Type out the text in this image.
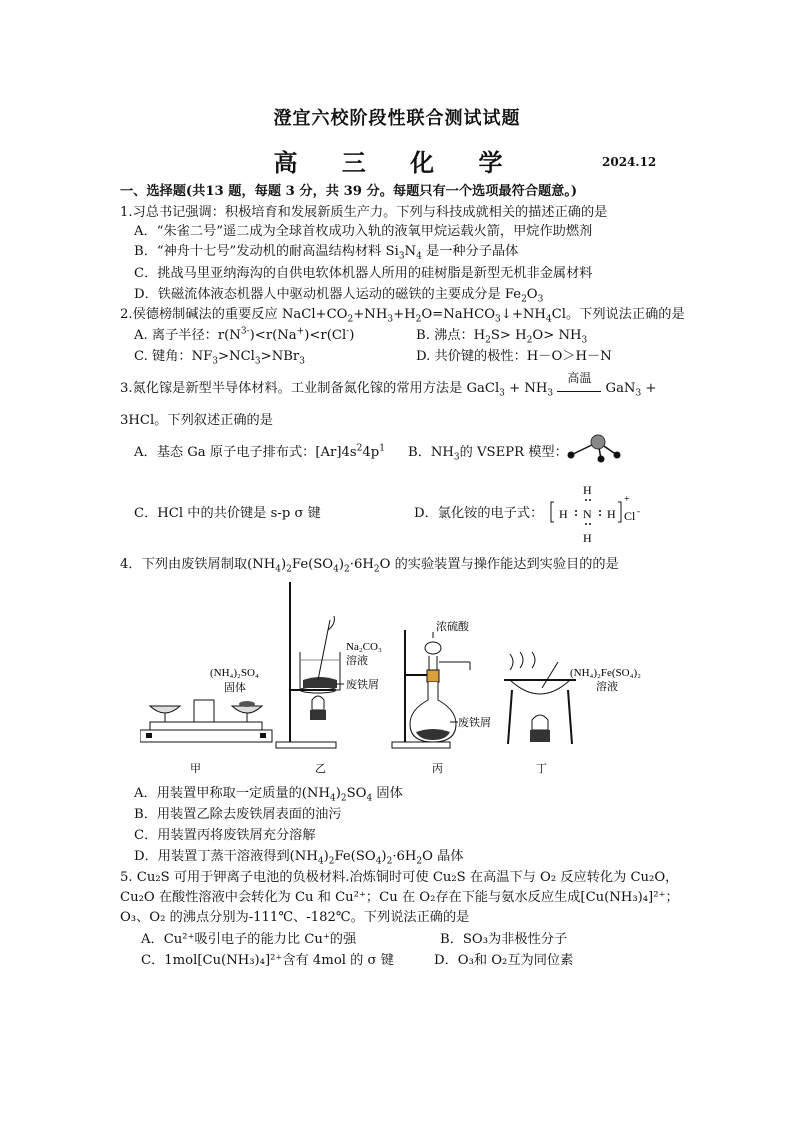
澄宜六校阶段性联合测试试题
高 三 化 学	2024.12
一、选择题(共13 题，每题 3 分，共 39 分。每题只有一个选项最符合题意。)
1.习总书记强调：积极培育和发展新质生产力。下列与科技成就相关的描述正确的是
A．“朱雀二号”遥二成为全球首枚成功入轨的液氧甲烷运载火箭，甲烷作助燃剂
B．“神舟十七号”发动机的耐高温结构材料 $Si_3N_4$ 是一种分子晶体
C．挑战马里亚纳海沟的自供电软体机器人所用的硅树脂是新型无机非金属材料
D．铁磁流体液态机器人中驱动机器人运动的磁铁的主要成分是 $Fe_2O_3$
2.侯德榜制碱法的重要反应 $NaCl+CO_2+NH_3+H_2O=NaHCO_3↓+NH_4Cl$。下列说法正确的是
A. 离子半径：$r(N^{3-})<r(Na^+)<r(Cl^-)$	B. 沸点：$H_2S> H_2O> NH_3$
C. 键角：$NF_3>NCl_3>NBr_3$	D. 共价键的极性：H－O＞H－N
3.氮化镓是新型半导体材料。工业制备氮化镓的常用方法是 GaCl$_3$ + $NH_3$
高温
GaN$_3$ +
3HCl。下列叙述正确的是
A．基态 Ga 原子电子排布式：$[Ar]4s^24p^1$ B．$NH_3$的 VSEPR 模型：
C．HCl 中的共价键是 s-p σ 键	D．氯化铵的电子式：
H
H
N
H	H
+
Cl -
4．下列由废铁屑制取$(NH_4)_2Fe(SO_4)_2\cdot 6H_2O$ 的实验装置与操作能达到实验目的的是
(NH₄)₂SO₄
固体
甲
Na₂CO₃
溶液
废铁屑
乙
浓硫酸
废铁屑
丙
(NH₄)₂Fe(SO₄)₂
溶液
丁
A．用装置甲称取一定质量的$(NH_4)_2SO_4$ 固体
B．用装置乙除去废铁屑表面的油污
C．用装置丙将废铁屑充分溶解
D．用装置丁蒸干溶液得到$(NH_4)_2Fe(SO_4)_2\cdot 6H_2O$ 晶体
5. Cu₂S 可用于钾离子电池的负极材料.冶炼铜时可使 Cu₂S 在高温下与 O₂ 反应转化为 Cu₂O，
Cu₂O 在酸性溶液中会转化为 Cu 和 Cu²⁺；Cu 在 O₂存在下能与氨水反应生成[Cu(NH₃)₄]²⁺；
O₃、O₂ 的沸点分别为-111℃、-182℃。下列说法正确的是
A．Cu²⁺吸引电子的能力比 Cu⁺的强	B．SO₃为非极性分子
C．1mol[Cu(NH₃)₄]²⁺含有 4mol 的 σ 键	D．O₃和 O₂互为同位素
